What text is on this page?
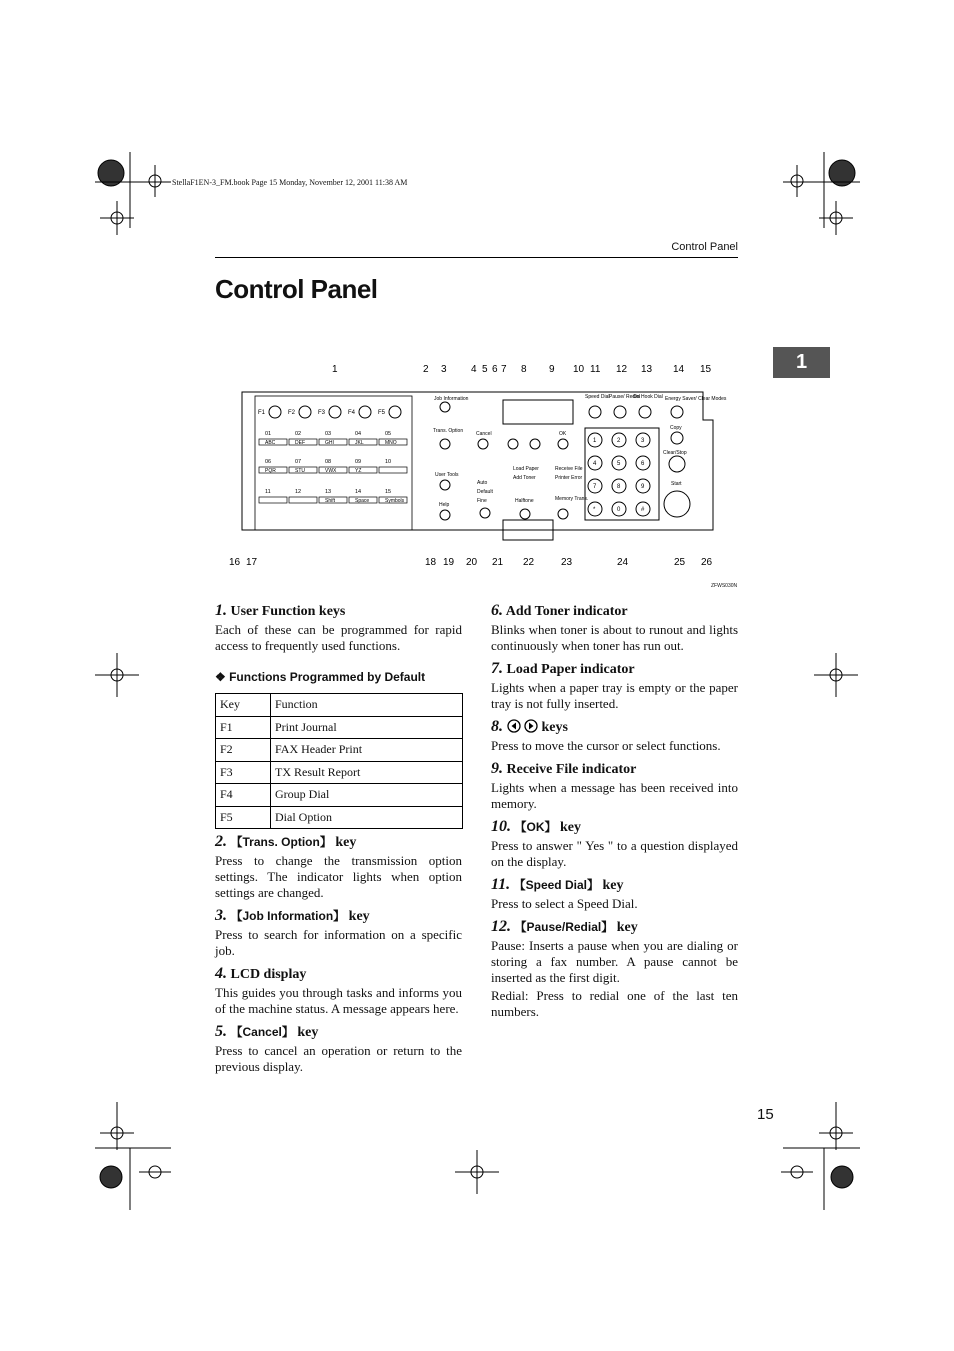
StellaF1EN-3_FM.book Page 15 Monday, November 12, 2001 11:38 AM
Control Panel
Control Panel
1
1	2 3 4 5 6 7 8 9 10 11 12 13 14 15
16 17	18 19 20 21 22	23	24	25 26
F1	F2	F3	F4	F5
01
ABC
02
DEF
03
GHI
04
JKL
05
MNO
06
PQR
07
STU
08
VWX
09
YZ
10
11	12	13
Shift
14
Space
15
Symbols
Job Information
Trans. Option	Cancel	OK
User Tools
Help
Load Paper
Add Toner
Receive File
Printer Error
Auto
Default
Fine	Halftone	Memory Trans.
Speed Dial Pause/ Redial
On Hook Dial Energy Saver/ Clear Modes
Copy
Clear/Stop
Start
1	2	3
4	5	6
7	8	9
*	0	#
ZFWS030N

1. User Function keys

Each of these can be programmed for rapid access to frequently used functions.

❖ Functions Programmed by Default

Key	Function
F1	Print Journal
F2	FAX Header Print
F3	TX Result Report
F4	Group Dial
F5	Dial Option

2. 【Trans. Option】 key

Press to change the transmission option settings. The indicator lights when option settings are changed.

3. 【Job Information】 key

Press to search for information on a specific job.

4. LCD display

This guides you through tasks and informs you of the machine status. A message appears here.

5. 【Cancel】 key

Press to cancel an operation or return to the previous display.

6. Add Toner indicator

Blinks when toner is about to runout and lights continuously when toner has run out.

7. Load Paper indicator

Lights when a paper tray is empty or the paper tray is not fully inserted.

8.	keys

Press to move the cursor or select functions.

9. Receive File indicator

Lights when a message has been received into memory.

10. 【OK】 key

Press to answer " Yes " to a question displayed on the display.

11. 【Speed Dial】 key

Press to select a Speed Dial.

12. 【Pause/Redial】 key

Pause: Inserts a pause when you are dialing or storing a fax number. A pause cannot be inserted as the first digit.

Redial: Press to redial one of the last ten numbers.

15
